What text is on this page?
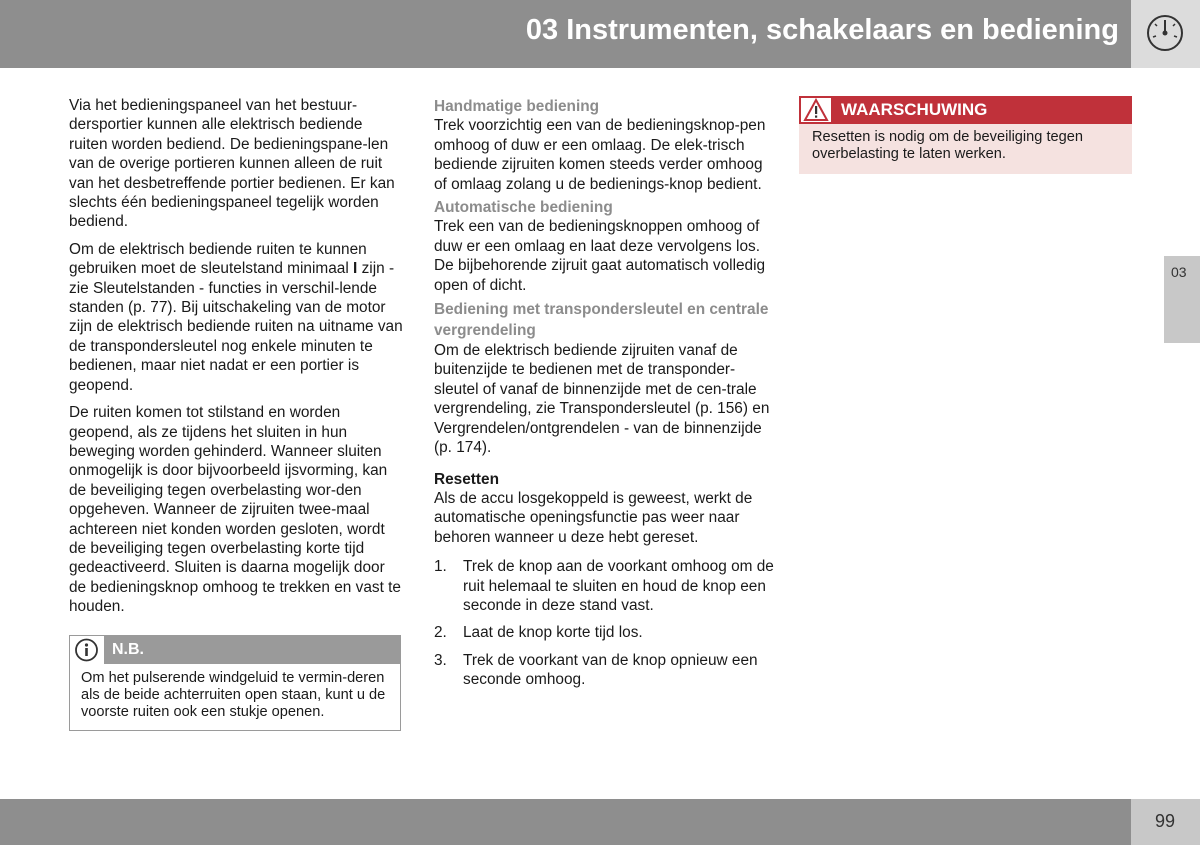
03 Instrumenten, schakelaars en bediening
03

Via het bedieningspaneel van het bestuur-dersportier kunnen alle elektrisch bediende ruiten worden bediend. De bedieningspane-len van de overige portieren kunnen alleen de ruit van het desbetreffende portier bedienen. Er kan slechts één bedieningspaneel tegelijk worden bediend.

Om de elektrisch bediende ruiten te kunnen gebruiken moet de sleutelstand minimaal I zijn - zie Sleutelstanden - functies in verschil-lende standen (p. 77). Bij uitschakeling van de motor zijn de elektrisch bediende ruiten na uitname van de transpondersleutel nog enkele minuten te bedienen, maar niet nadat er een portier is geopend.

De ruiten komen tot stilstand en worden geopend, als ze tijdens het sluiten in hun beweging worden gehinderd. Wanneer sluiten onmogelijk is door bijvoorbeeld ijsvorming, kan de beveiliging tegen overbelasting wor-den opgeheven. Wanneer de zijruiten twee-maal achtereen niet konden worden gesloten, wordt de beveiliging tegen overbelasting korte tijd gedeactiveerd. Sluiten is daarna mogelijk door de bedieningsknop omhoog te trekken en vast te houden.

N.B.
Om het pulserende windgeluid te vermin-deren als de beide achterruiten open staan, kunt u de voorste ruiten ook een stukje openen.
Handmatige bediening

Trek voorzichtig een van de bedieningsknop-pen omhoog of duw er een omlaag. De elek-trisch bediende zijruiten komen steeds verder omhoog of omlaag zolang u de bedienings-knop bedient.

Automatische bediening

Trek een van de bedieningsknoppen omhoog of duw er een omlaag en laat deze vervolgens los. De bijbehorende zijruit gaat automatisch volledig open of dicht.

Bediening met transpondersleutel en centrale vergrendeling

Om de elektrisch bediende zijruiten vanaf de buitenzijde te bedienen met de transponder-sleutel of vanaf de binnenzijde met de cen-trale vergrendeling, zie Transpondersleutel (p. 156) en Vergrendelen/ontgrendelen - van de binnenzijde (p. 174).

Resetten

Als de accu losgekoppeld is geweest, werkt de automatische openingsfunctie pas weer naar behoren wanneer u deze hebt gereset.

1. Trek de knop aan de voorkant omhoog om de ruit helemaal te sluiten en houd de knop een seconde in deze stand vast.
2. Laat de knop korte tijd los.
3. Trek de voorkant van de knop opnieuw een seconde omhoog.
WAARSCHUWING
Resetten is nodig om de beveiliging tegen overbelasting te laten werken.
99
